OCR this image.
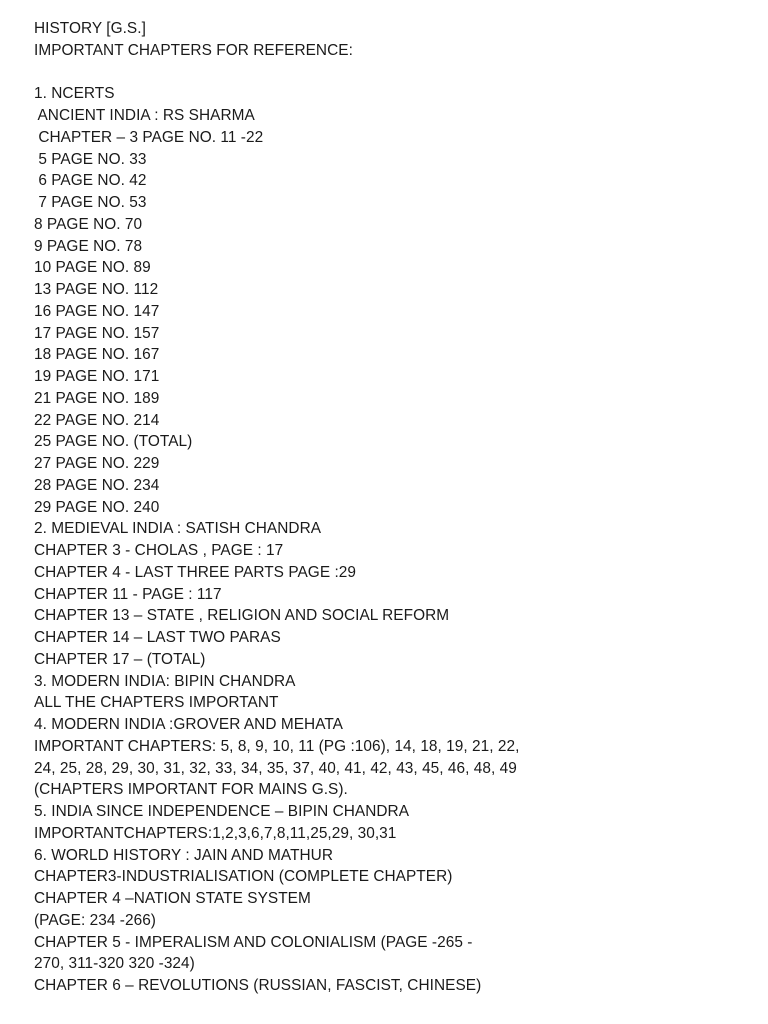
HISTORY [G.S.]
IMPORTANT CHAPTERS FOR REFERENCE:
1. NCERTS
ANCIENT INDIA : RS SHARMA
CHAPTER – 3 PAGE NO. 11 -22
5 PAGE NO. 33
6 PAGE NO. 42
7 PAGE NO. 53
8 PAGE NO. 70
9 PAGE NO. 78
10 PAGE NO. 89
13 PAGE NO. 112
16 PAGE NO. 147
17 PAGE NO. 157
18 PAGE NO. 167
19 PAGE NO. 171
21 PAGE NO. 189
22 PAGE NO. 214
25 PAGE NO. (TOTAL)
27 PAGE NO. 229
28 PAGE NO. 234
29 PAGE NO. 240
2. MEDIEVAL INDIA : SATISH CHANDRA
CHAPTER 3 - CHOLAS , PAGE : 17
CHAPTER 4 - LAST THREE PARTS PAGE :29
CHAPTER 11 - PAGE : 117
CHAPTER 13 – STATE , RELIGION AND SOCIAL REFORM
CHAPTER 14 – LAST TWO PARAS
CHAPTER 17 – (TOTAL)
3. MODERN INDIA: BIPIN CHANDRA
ALL THE CHAPTERS IMPORTANT
4. MODERN INDIA :GROVER AND MEHATA
IMPORTANT CHAPTERS: 5, 8, 9, 10, 11 (PG :106), 14, 18, 19, 21, 22,
24, 25, 28, 29, 30, 31, 32, 33, 34, 35, 37, 40, 41, 42, 43, 45, 46, 48, 49
(CHAPTERS IMPORTANT FOR MAINS G.S).
5. INDIA SINCE INDEPENDENCE – BIPIN CHANDRA
IMPORTANTCHAPTERS:1,2,3,6,7,8,11,25,29, 30,31
6. WORLD HISTORY : JAIN AND MATHUR
CHAPTER3-INDUSTRIALISATION (COMPLETE CHAPTER)
CHAPTER 4 –NATION STATE SYSTEM
(PAGE: 234 -266)
CHAPTER 5 - IMPERALISM AND COLONIALISM (PAGE -265 -
270, 311-320 320 -324)
CHAPTER 6 – REVOLUTIONS (RUSSIAN, FASCIST, CHINESE)
